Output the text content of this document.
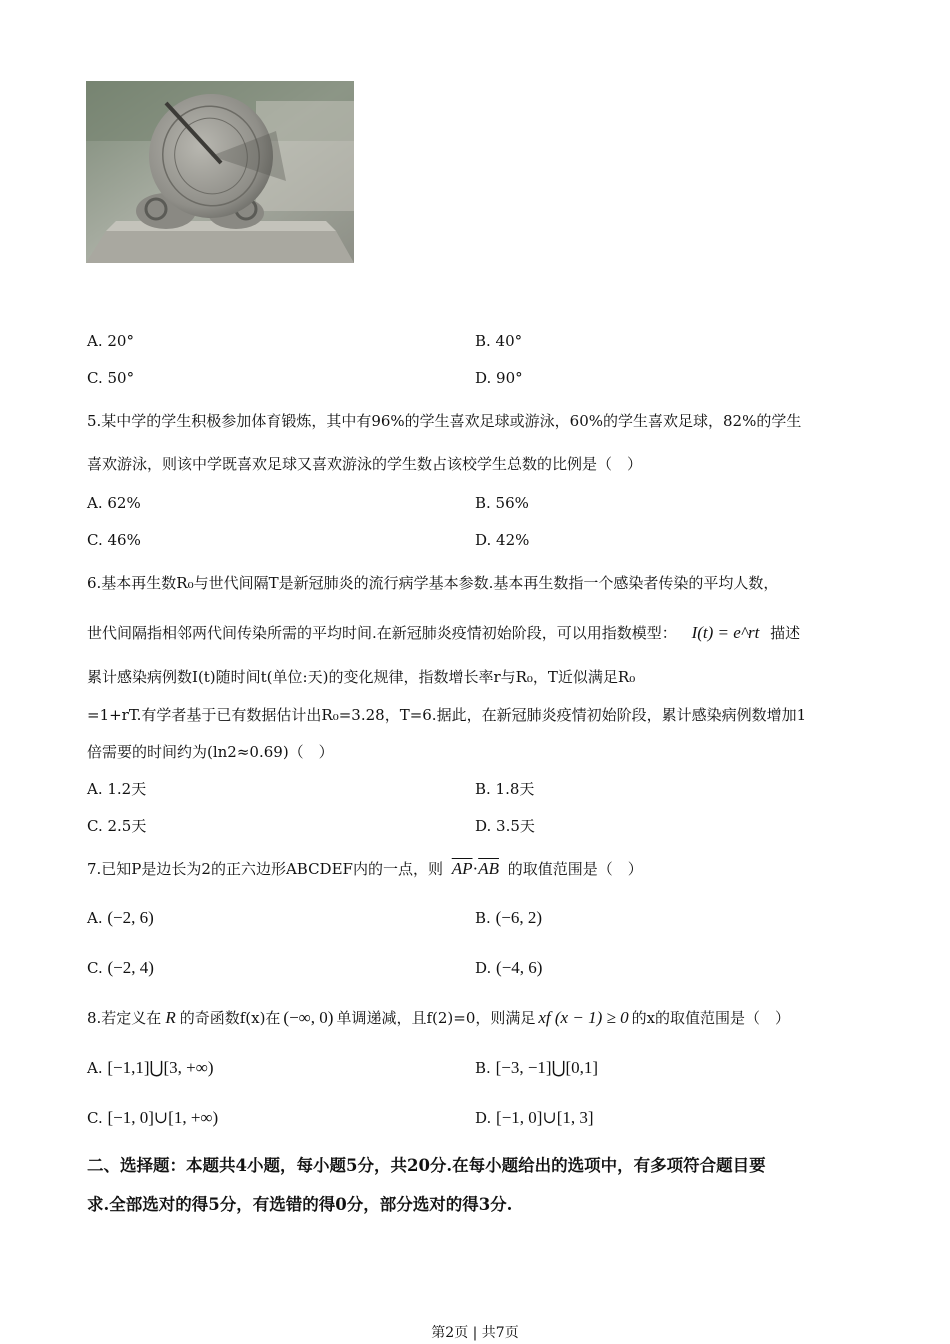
A. 20°	B. 40°
C. 50°	D. 90°
5.某中学的学生积极参加体育锻炼，其中有96%的学生喜欢足球或游泳，60%的学生喜欢足球，82%的学生
喜欢游泳，则该中学既喜欢足球又喜欢游泳的学生数占该校学生总数的比例是（　）
A. 62%	B. 56%
C. 46%	D. 42%
6.基本再生数R₀与世代间隔T是新冠肺炎的流行病学基本参数.基本再生数指一个感染者传染的平均人数，
世代间隔指相邻两代间传染所需的平均时间.在新冠肺炎疫情初始阶段，可以用指数模型： I(t) = e^rt 描述
累计感染病例数I(t)随时间t(单位:天)的变化规律，指数增长率r与R₀，T近似满足R₀
=1+rT.有学者基于已有数据估计出R₀=3.28，T=6.据此，在新冠肺炎疫情初始阶段，累计感染病例数增加1
倍需要的时间约为(ln2≈0.69)（　）
A. 1.2天	B. 1.8天
C. 2.5天	D. 3.5天
7.已知P是边长为2的正六边形ABCDEF内的一点，则 $\overline{AP}\cdot\overline{AB}$ 的取值范围是（　）
A. (−2, 6)	B. (−6, 2)
C. (−2, 4)	D. (−4, 6)
8.若定义在 R 的奇函数f(x)在 (−∞, 0) 单调递减，且f(2)=0，则满足 xf (x − 1) ≥ 0 的x的取值范围是（　）
A. [−1,1]⋃[3, +∞)	B. [−3, −1]⋃[0,1]
C. [−1, 0]∪[1, +∞)	D. [−1, 0]∪[1, 3]
二、选择题：本题共4小题，每小题5分，共20分.在每小题给出的选项中，有多项符合题目要
求.全部选对的得5分，有选错的得0分，部分选对的得3分.
第2页 | 共7页
